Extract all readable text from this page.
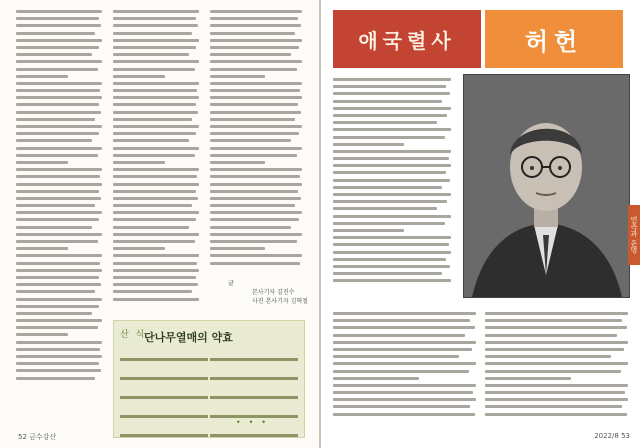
글
본사기자 김진수
사진 본사기자 김혁철
산 식
단나무열매의 약효
•••
52 금수강산
애국렬사	허헌
민족과 운명
2022/8 53
